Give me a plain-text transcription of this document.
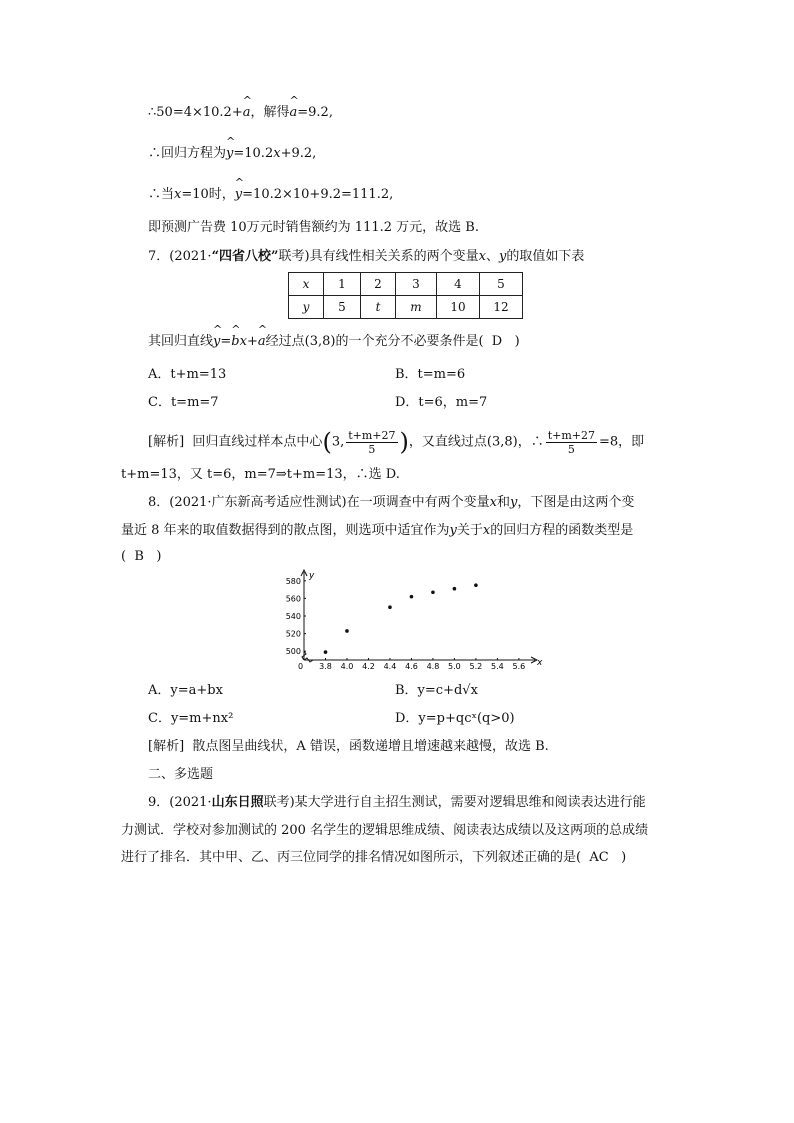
∴50=4×10.2+^ a，解得^ a=9.2,
∴回归方程为^ y=10.2x+9.2,
∴当x=10时，^ y=10.2×10+9.2=111.2,
即预测广告费 10万元时销售额约为 111.2 万元，故选 B.
7．(2021·“四省八校”联考)具有线性相关关系的两个变量x、y的取值如下表
x	1	2	3	4	5
y	5	t	m	10	12
其回归直线^ y=^ bx+^ a经过点(3,8)的一个充分不必要条件是( D )
A．t+m=13	B．t=m=6
C．t=m=7	D．t=6，m=7
[解析] 回归直线过样本点中心(3, $\frac{t+m+27}{5}$ )，又直线过点(3,8)，∴ $\frac{t+m+27}{5} =8$，即
t+m=13，又 t=6，m=7⇒t+m=13，∴选 D.
8．(2021·广东新高考适应性测试)在一项调查中有两个变量x和y，下图是由这两个变
量近 8 年来的取值数据得到的散点图，则选项中适宜作为y关于x的回归方程的函数类型是
( B )
x
y
0 3.8 4.0 4.2 4.4 4.6 4.8 5.0 5.2 5.4 5.6
500
520
540
560
580
A．y=a+bx	B．y=c+d√x
C．y=m+nx²	D．y=p+qcˣ(q>0)
[解析] 散点图呈曲线状，A 错误，函数递增且增速越来越慢，故选 B.
二、多选题
9．(2021·山东日照联考)某大学进行自主招生测试，需要对逻辑思维和阅读表达进行能
力测试．学校对参加测试的 200 名学生的逻辑思维成绩、阅读表达成绩以及这两项的总成绩
进行了排名．其中甲、乙、丙三位同学的排名情况如图所示，下列叙述正确的是( AC )
